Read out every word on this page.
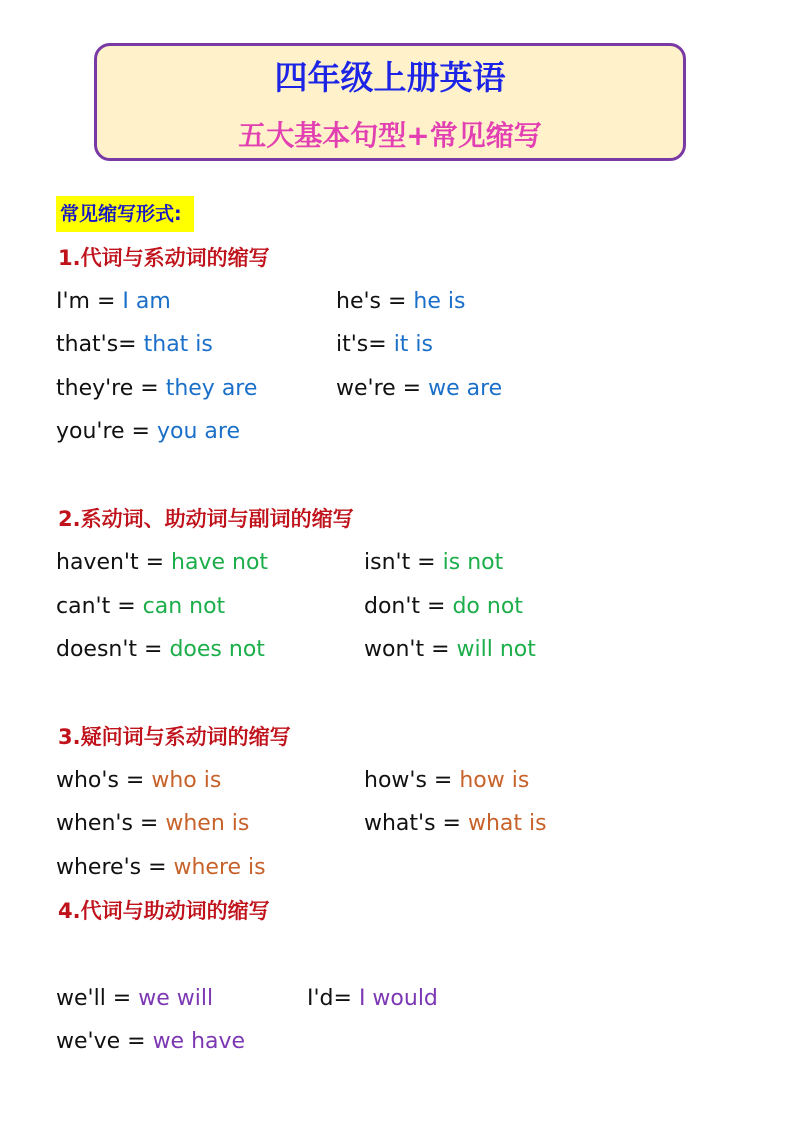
四年级上册英语
五大基本句型+常见缩写
常见缩写形式:
1.代词与系动词的缩写
I'm = I am	he's = he is
that's= that is	it's= it is
they're = they are	we're = we are
you're = you are
2.系动词、助动词与副词的缩写
haven't = have not	isn't = is not
can't = can not	don't = do not
doesn't = does not	won't = will not
3.疑问词与系动词的缩写
who's = who is	how's = how is
when's = when is	what's = what is
where's = where is
4.代词与助动词的缩写
we'll = we will	I'd= I would
we've = we have
